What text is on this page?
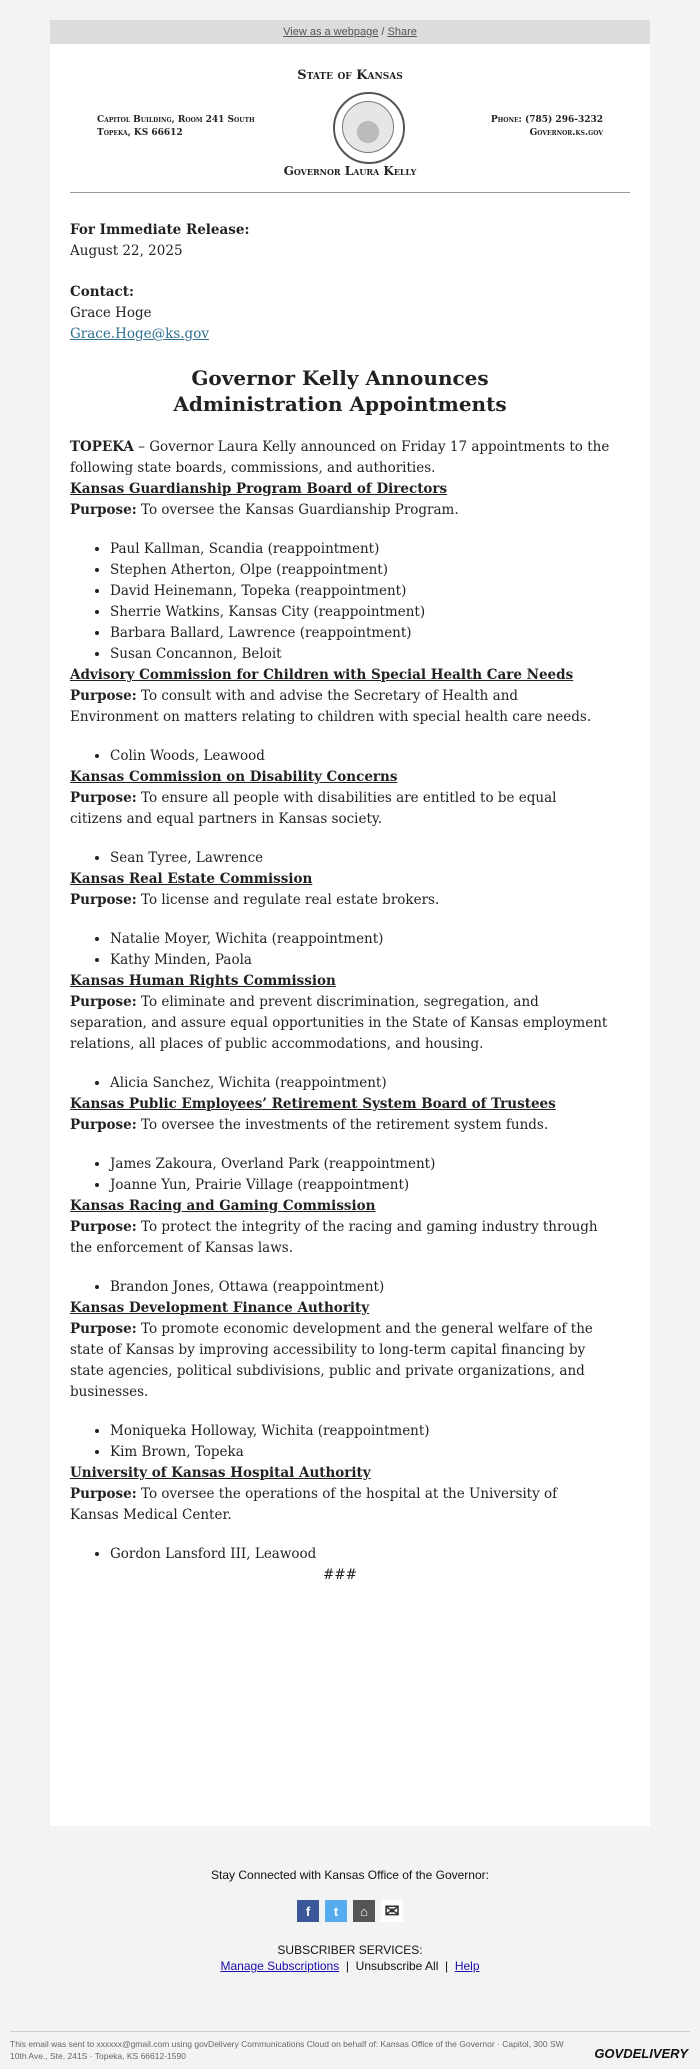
View as a webpage / Share
State of Kansas
Capitol Building, Room 241 South
Topeka, KS 66612
Phone: (785) 296-3232
Governor.ks.gov
Governor Laura Kelly

For Immediate Release:

August 22, 2025

Contact:

Grace Hoge

Grace.Hoge@ks.gov

Governor Kelly Announces
Administration Appointments

TOPEKA – Governor Laura Kelly announced on Friday 17 appointments to the following state boards, commissions, and authorities.

Kansas Guardianship Program Board of Directors

Purpose: To oversee the Kansas Guardianship Program.

• Paul Kallman, Scandia (reappointment)
• Stephen Atherton, Olpe (reappointment)
• David Heinemann, Topeka (reappointment)
• Sherrie Watkins, Kansas City (reappointment)
• Barbara Ballard, Lawrence (reappointment)
• Susan Concannon, Beloit

Advisory Commission for Children with Special Health Care Needs

Purpose: To consult with and advise the Secretary of Health and Environment on matters relating to children with special health care needs.

• Colin Woods, Leawood

Kansas Commission on Disability Concerns

Purpose: To ensure all people with disabilities are entitled to be equal citizens and equal partners in Kansas society.

• Sean Tyree, Lawrence

Kansas Real Estate Commission

Purpose: To license and regulate real estate brokers.

• Natalie Moyer, Wichita (reappointment)
• Kathy Minden, Paola

Kansas Human Rights Commission

Purpose: To eliminate and prevent discrimination, segregation, and separation, and assure equal opportunities in the State of Kansas employment relations, all places of public accommodations, and housing.

• Alicia Sanchez, Wichita (reappointment)

Kansas Public Employees’ Retirement System Board of Trustees

Purpose: To oversee the investments of the retirement system funds.

• James Zakoura, Overland Park (reappointment)
• Joanne Yun, Prairie Village (reappointment)

Kansas Racing and Gaming Commission

Purpose: To protect the integrity of the racing and gaming industry through the enforcement of Kansas laws.

• Brandon Jones, Ottawa (reappointment)

Kansas Development Finance Authority

Purpose: To promote economic development and the general welfare of the state of Kansas by improving accessibility to long-term capital financing by state agencies, political subdivisions, public and private organizations, and businesses.

• Moniqueka Holloway, Wichita (reappointment)
• Kim Brown, Topeka

University of Kansas Hospital Authority

Purpose: To oversee the operations of the hospital at the University of Kansas Medical Center.

• Gordon Lansford III, Leawood

###

Stay Connected with Kansas Office of the Governor:
f	t	⌂ ✉
SUBSCRIBER SERVICES:
Manage Subscriptions  |  Unsubscribe All  |  Help
This email was sent to xxxxxx@gmail.com using govDelivery Communications Cloud on behalf of: Kansas Office of the Governor · Capitol, 300 SW 10th Ave., Ste. 241S · Topeka, KS 66612-1590	GOVDELIVERY
